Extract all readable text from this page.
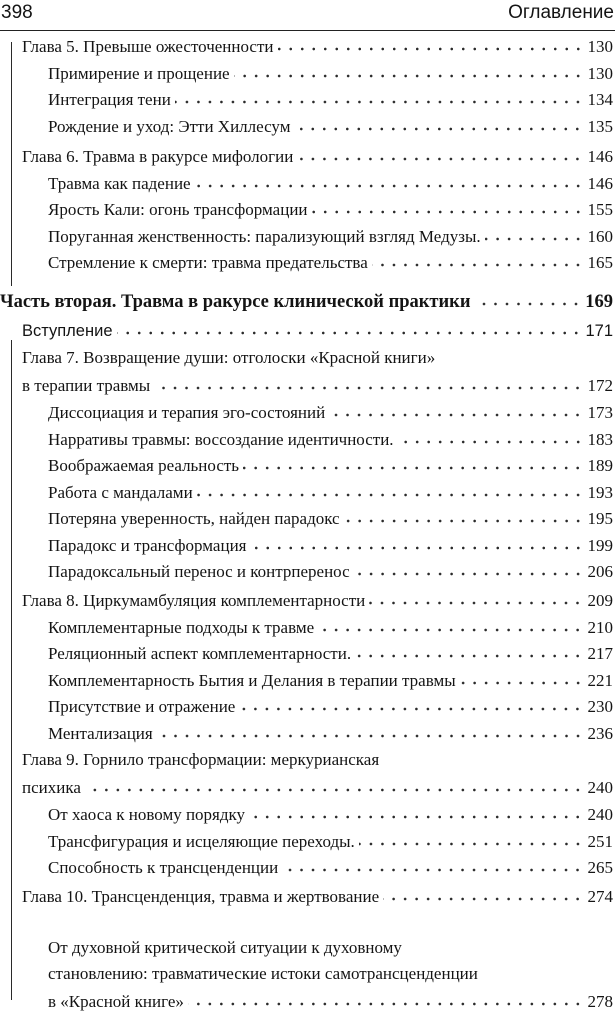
398	Оглавление
Глава 5. Превыше ожесточенности	130
Примирение и прощение	130
Интеграция тени	134
Рождение и уход: Этти Хиллесум	135
Глава 6. Травма в ракурсе мифологии	146
Травма как падение	146
Ярость Кали: огонь трансформации	155
Поруганная женственность: парализующий взгляд Медузы.	160
Стремление к смерти: травма предательства	165
Часть вторая. Травма в ракурсе клинической практики	169
Вступление	171
Глава 7. Возвращение души: отголоски «Красной книги»
в терапии травмы	172
Диссоциация и терапия эго-состояний	173
Нарративы травмы: воссоздание идентичности.	183
Воображаемая реальность	189
Работа с мандалами	193
Потеряна уверенность, найден парадокс	195
Парадокс и трансформация	199
Парадоксальный перенос и контрперенос	206
Глава 8. Циркумамбуляция комплементарности	209
Комплементарные подходы к травме	210
Реляционный аспект комплементарности.	217
Комплементарность Бытия и Делания в терапии травмы	221
Присутствие и отражение	230
Ментализация	236
Глава 9. Горнило трансформации: меркурианская
психика	240
От хаоса к новому порядку	240
Трансфигурация и исцеляющие переходы.	251
Способность к трансценденции	265
Глава 10. Трансценденция, травма и жертвование	274
От духовной критической ситуации к духовному
становлению: травматические истоки самотрансценденции
в «Красной книге»	278
